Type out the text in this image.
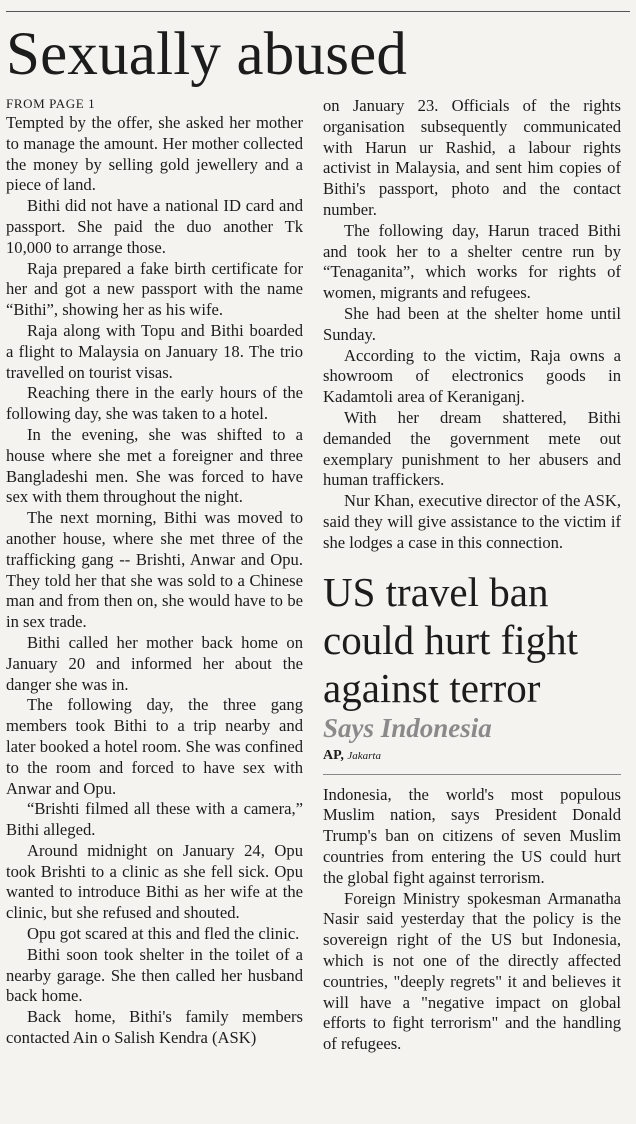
Sexually abused
FROM PAGE 1

Tempted by the offer, she asked her mother to manage the amount. Her mother collected the money by selling gold jewellery and a piece of land.

Bithi did not have a national ID card and passport. She paid the duo another Tk 10,000 to arrange those.

Raja prepared a fake birth certificate for her and got a new passport with the name “Bithi”, showing her as his wife.

Raja along with Topu and Bithi boarded a flight to Malaysia on January 18. The trio travelled on tourist visas.

Reaching there in the early hours of the following day, she was taken to a hotel.

In the evening, she was shifted to a house where she met a foreigner and three Bangladeshi men. She was forced to have sex with them throughout the night.

The next morning, Bithi was moved to another house, where she met three of the trafficking gang -- Brishti, Anwar and Opu. They told her that she was sold to a Chinese man and from then on, she would have to be in sex trade.

Bithi called her mother back home on January 20 and informed her about the danger she was in.

The following day, the three gang members took Bithi to a trip nearby and later booked a hotel room. She was confined to the room and forced to have sex with Anwar and Opu.

“Brishti filmed all these with a camera,” Bithi alleged.

Around midnight on January 24, Opu took Brishti to a clinic as she fell sick. Opu wanted to introduce Bithi as her wife at the clinic, but she refused and shouted.

Opu got scared at this and fled the clinic.

Bithi soon took shelter in the toilet of a nearby garage. She then called her husband back home.

Back home, Bithi's family members contacted Ain o Salish Kendra (ASK)

on January 23. Officials of the rights organisation subsequently communicated with Harun ur Rashid, a labour rights activist in Malaysia, and sent him copies of Bithi's passport, photo and the contact number.

The following day, Harun traced Bithi and took her to a shelter centre run by “Tenaganita”, which works for rights of women, migrants and refugees.

She had been at the shelter home until Sunday.

According to the victim, Raja owns a showroom of electronics goods in Kadamtoli area of Keraniganj.

With her dream shattered, Bithi demanded the government mete out exemplary punishment to her abusers and human traffickers.

Nur Khan, executive director of the ASK, said they will give assistance to the victim if she lodges a case in this connection.

US travel ban could hurt fight against terror
Says Indonesia
AP, Jakarta

Indonesia, the world's most populous Muslim nation, says President Donald Trump's ban on citizens of seven Muslim countries from entering the US could hurt the global fight against terrorism.

Foreign Ministry spokesman Armanatha Nasir said yesterday that the policy is the sovereign right of the US but Indonesia, which is not one of the directly affected countries, "deeply regrets" it and believes it will have a "negative impact on global efforts to fight terrorism" and the handling of refugees.
